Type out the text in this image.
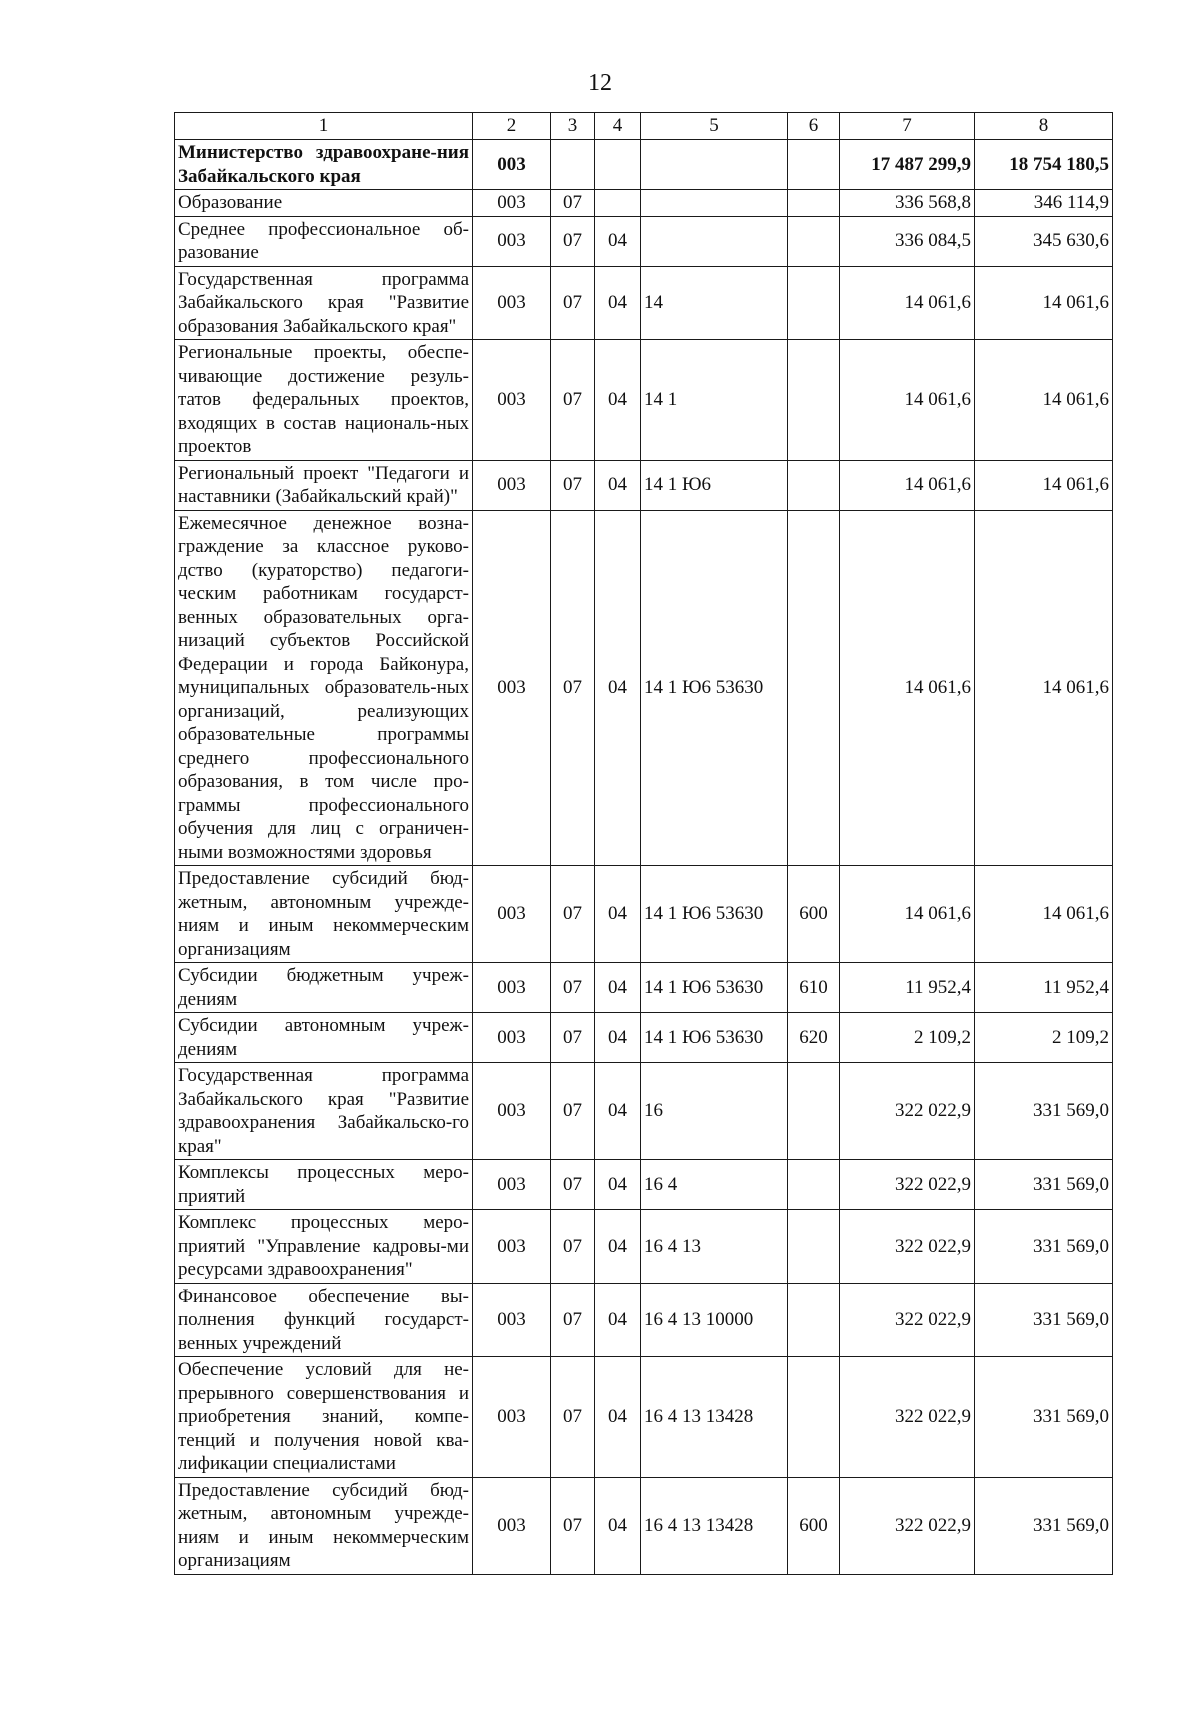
12
1	2	3	4	5	6	7	8
Министерство здравоохране-ния Забайкальского края	003					17 487 299,9	18 754 180,5
Образование	003	07				336 568,8	346 114,9
Среднее профессиональное об-разование	003	07	04			336 084,5	345 630,6
Государственная программа Забайкальского края "Развитие образования Забайкальского края"	003	07	04	14		14 061,6	14 061,6
Региональные проекты, обеспе-чивающие достижение резуль-татов федеральных проектов, входящих в состав националь-ных проектов	003	07	04	14 1		14 061,6	14 061,6
Региональный проект "Педагоги и наставники (Забайкальский край)"	003	07	04	14 1 Ю6		14 061,6	14 061,6
Ежемесячное денежное возна-граждение за классное руково-дство (кураторство) педагоги-ческим работникам государст-венных образовательных орга-низаций субъектов Российской Федерации и города Байконура, муниципальных образователь-ных организаций, реализующих образовательные программы среднего профессионального образования, в том числе про-граммы профессионального обучения для лиц с ограничен-ными возможностями здоровья	003	07	04	14 1 Ю6 53630		14 061,6	14 061,6
Предоставление субсидий бюд-жетным, автономным учрежде-ниям и иным некоммерческим организациям	003	07	04	14 1 Ю6 53630	600	14 061,6	14 061,6
Субсидии бюджетным учреж-дениям	003	07	04	14 1 Ю6 53630	610	11 952,4	11 952,4
Субсидии автономным учреж-дениям	003	07	04	14 1 Ю6 53630	620	2 109,2	2 109,2
Государственная программа Забайкальского края "Развитие здравоохранения Забайкальско-го края"	003	07	04	16		322 022,9	331 569,0
Комплексы процессных меро-приятий	003	07	04	16 4		322 022,9	331 569,0
Комплекс процессных меро-приятий "Управление кадровы-ми ресурсами здравоохранения"	003	07	04	16 4 13		322 022,9	331 569,0
Финансовое обеспечение вы-полнения функций государст-венных учреждений	003	07	04	16 4 13 10000		322 022,9	331 569,0
Обеспечение условий для не-прерывного совершенствования и приобретения знаний, компе-тенций и получения новой ква-лификации специалистами	003	07	04	16 4 13 13428		322 022,9	331 569,0
Предоставление субсидий бюд-жетным, автономным учрежде-ниям и иным некоммерческим организациям	003	07	04	16 4 13 13428	600	322 022,9	331 569,0
